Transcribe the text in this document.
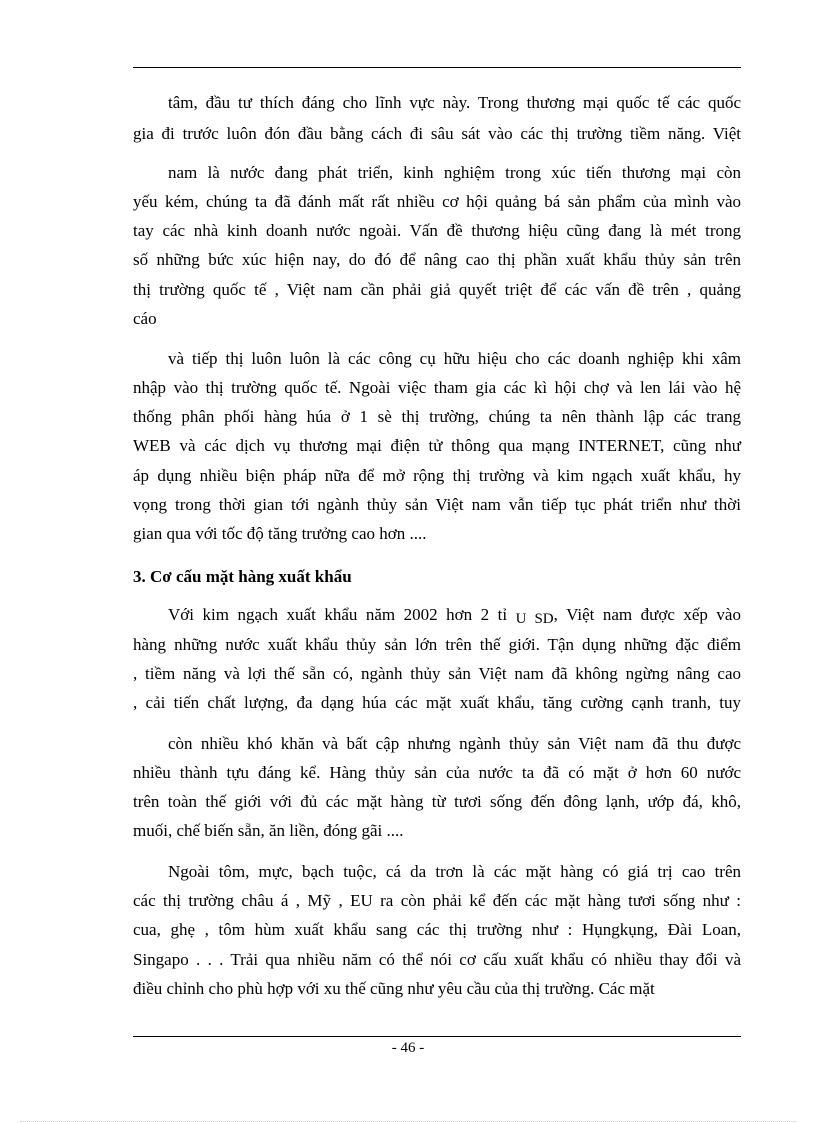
tâm, đầu tư thích đáng cho lĩnh vực này. Trong thương mại quốc tế các quốc
gia đi trước luôn đón đầu bằng cách đi sâu sát vào các thị trường tiềm năng. Việt
nam là nước đang phát triển, kinh nghiệm trong xúc tiến thương mại còn
yếu kém, chúng ta đã đánh mất rất nhiều cơ hội quảng bá sản phẩm của mình vào
tay các nhà kinh doanh nước ngoài. Vấn đề thương hiệu cũng đang là mét trong
số những bức xúc hiện nay, do đó để nâng cao thị phần xuất khẩu thủy sản trên
thị trường quốc tế , Việt nam cần phải giả quyết triệt để các vấn đề trên , quảng
cáo
và tiếp thị luôn luôn là các công cụ hữu hiệu cho các doanh nghiệp khi xâm
nhập vào thị trường quốc tế. Ngoài việc tham gia các kì hội chợ và len lái vào hệ
thống phân phối hàng húa ở 1 sè thị trường, chúng ta nên thành lập các trang
WEB và các dịch vụ thương mại điện tử thông qua mạng INTERNET, cũng như
áp dụng nhiều biện pháp nữa để mở rộng thị trường và kim ngạch xuất khẩu, hy
vọng trong thời gian tới ngành thủy sản Việt nam vẫn tiếp tục phát triển như thời
gian qua với tốc độ tăng trưởng cao hơn ....
3. Cơ cấu mặt hàng xuất khẩu
Với kim ngạch xuất khẩu năm 2002 hơn 2 tỉ U SD, Việt nam được xếp vào
hàng những nước xuất khẩu thủy sản lớn trên thế giới. Tận dụng những đặc điểm
, tiềm năng và lợi thế sẵn có, ngành thủy sản Việt nam đã không ngừng nâng cao
, cải tiến chất lượng, đa dạng húa các mặt xuất khẩu, tăng cường cạnh tranh, tuy
còn nhiều khó khăn và bất cập nhưng ngành thủy sản Việt nam đã thu được
nhiều thành tựu đáng kể. Hàng thủy sản của nước ta đã có mặt ở hơn 60 nước
trên toàn thế giới với đủ các mặt hàng từ tươi sống đến đông lạnh, ướp đá, khô,
muối, chế biến sẵn, ăn liền, đóng gãi ....
Ngoài tôm, mực, bạch tuộc, cá da trơn là các mặt hàng có giá trị cao trên
các thị trường châu á , Mỹ , EU ra còn phải kể đến các mặt hàng tươi sống như :
cua, ghẹ , tôm hùm xuất khẩu sang các thị trường như : Hụngkụng, Đài Loan,
Singapo . . . Trải qua nhiều năm có thể nói cơ cấu xuất khẩu có nhiều thay đổi và
điều chỉnh cho phù hợp với xu thế cũng như yêu cầu của thị trường. Các mặt
- 46 -
